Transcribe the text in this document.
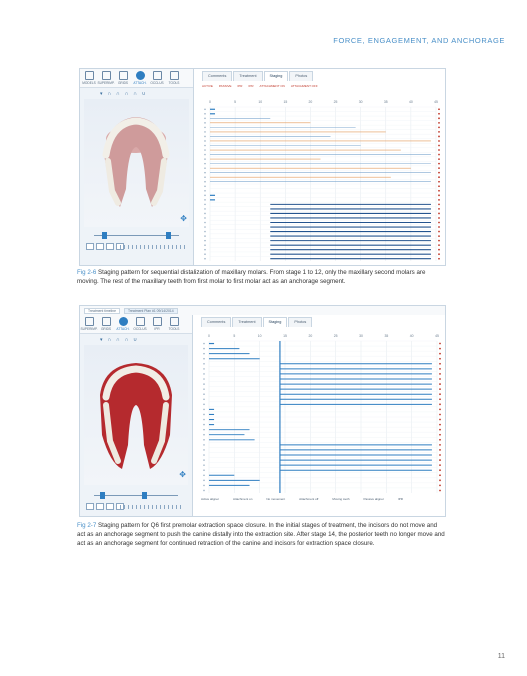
FORCE, ENGAGEMENT, AND ANCHORAGE
MODELS SUPERIMP. GRIDS ATTACH. OCCLUS TOOLS
▾ ∩ ∩ ∩ ∩ ∪
✥
Comments	Treatment	Staging	Photos
ACTIVE PASSIVE IPR IPR ATTACHMENT ON ATTACHMENT OFF
0	5	10	15	20	25	30	35	40	45
Fig 2-6 Staging pattern for sequential distalization of maxillary molars. From stage 1 to 12, only the maxillary second molars are moving. The rest of the maxillary teeth from first molar to first molar act as an anchorage segment.
Treatment timeline	Treatment Plan #1 09/14/2014
SUPERIMP. GRIDS ATTACH. OCCLUS IPR	TOOLS
▾ ∩ ∩ ∩ ∪
✥
Comments	Treatment	Staging	Photos
0	5	10	15	20	25	30	35	40	45
Active aligner	Attachment on	No movement	Attachment off	Moving tooth	Passive aligner	IPR
Fig 2-7 Staging pattern for Q6 first premolar extraction space closure. In the initial stages of treatment, the incisors do not move and act as an anchorage segment to push the canine distally into the extraction site. After stage 14, the posterior teeth no longer move and act as an anchorage segment for continued retraction of the canine and incisors for extraction space closure.
11
